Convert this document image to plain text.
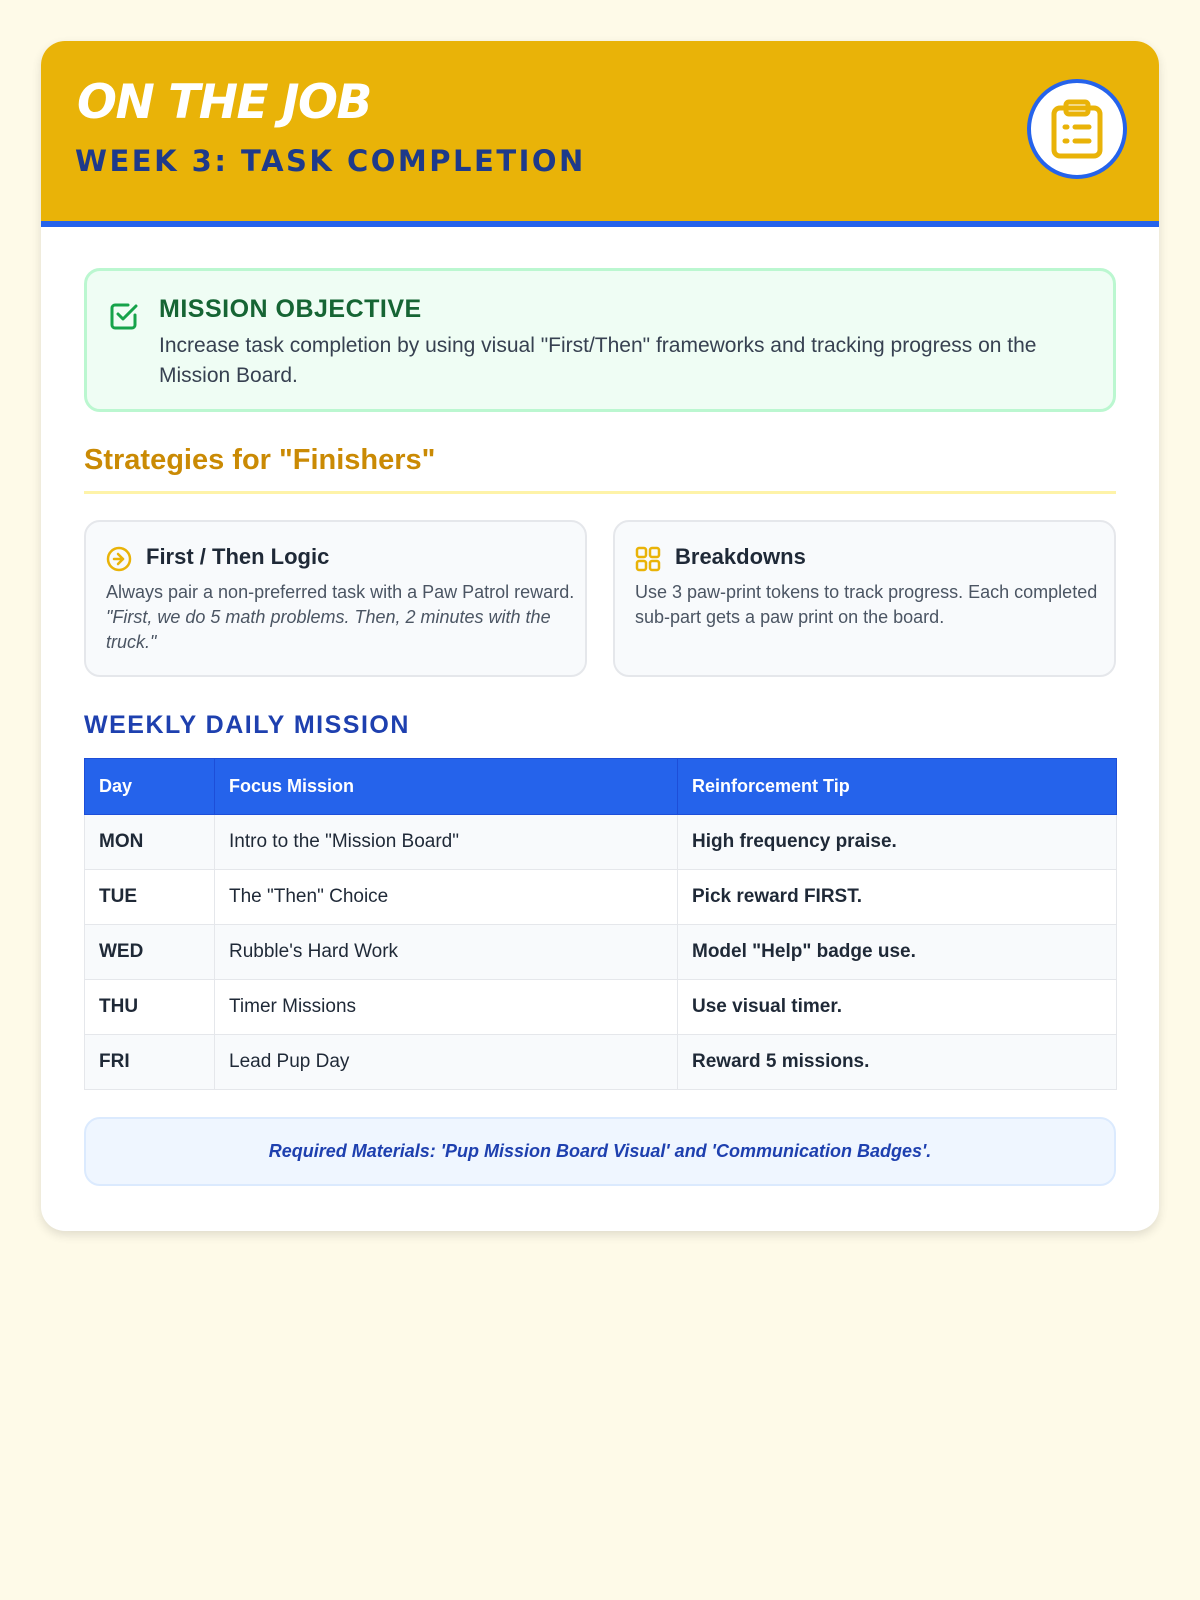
ON THE JOB
WEEK 3: TASK COMPLETION
MISSION OBJECTIVE
Increase task completion by using visual "First/Then" frameworks and tracking progress on the Mission Board.
Strategies for "Finishers"
First / Then Logic
Always pair a non-preferred task with a Paw Patrol reward. "First, we do 5 math problems. Then, 2 minutes with the truck."
Breakdowns
Use 3 paw-print tokens to track progress. Each completed sub-part gets a paw print on the board.
WEEKLY DAILY MISSION
Day	Focus Mission	Reinforcement Tip
MON	Intro to the "Mission Board"	High frequency praise.
TUE	The "Then" Choice	Pick reward FIRST.
WED	Rubble's Hard Work	Model "Help" badge use.
THU	Timer Missions	Use visual timer.
FRI	Lead Pup Day	Reward 5 missions.
Required Materials: 'Pup Mission Board Visual' and 'Communication Badges'.
